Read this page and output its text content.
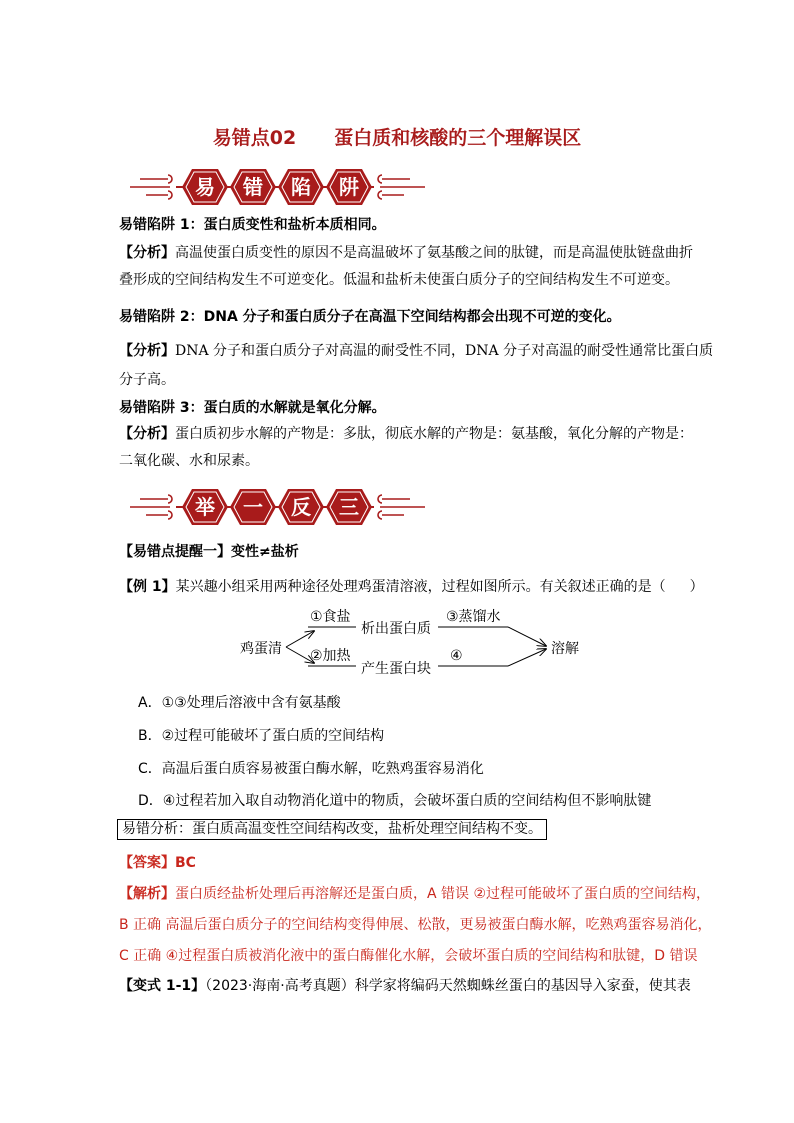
易错点02 蛋白质和核酸的三个理解误区
易 错 陷 阱
易错陷阱 1：蛋白质变性和盐析本质相同。
【分析】高温使蛋白质变性的原因不是高温破坏了氨基酸之间的肽键，而是高温使肽链盘曲折
叠形成的空间结构发生不可逆变化。低温和盐析未使蛋白质分子的空间结构发生不可逆变。
易错陷阱 2：DNA 分子和蛋白质分子在高温下空间结构都会出现不可逆的变化。
【分析】DNA 分子和蛋白质分子对高温的耐受性不同，DNA 分子对高温的耐受性通常比蛋白质
分子高。
易错陷阱 3：蛋白质的水解就是氧化分解。
【分析】蛋白质初步水解的产物是：多肽，彻底水解的产物是：氨基酸，氧化分解的产物是：
二氧化碳、水和尿素。
举 一 反 三
【易错点提醒一】变性≠盐析
【例 1】某兴趣小组采用两种途径处理鸡蛋清溶液，过程如图所示。有关叙述正确的是（ ）
鸡蛋清
①食盐
析出蛋白质
③蒸馏水
②加热
产生蛋白块
④	溶解
A．①③处理后溶液中含有氨基酸
B．②过程可能破坏了蛋白质的空间结构
C．高温后蛋白质容易被蛋白酶水解，吃熟鸡蛋容易消化
D．④过程若加入取自动物消化道中的物质，会破坏蛋白质的空间结构但不影响肽键
易错分析：蛋白质高温变性空间结构改变，盐析处理空间结构不变。
【答案】BC
【解析】蛋白质经盐析处理后再溶解还是蛋白质，A 错误 ②过程可能破坏了蛋白质的空间结构，
B 正确 高温后蛋白质分子的空间结构变得伸展、松散，更易被蛋白酶水解，吃熟鸡蛋容易消化，
C 正确 ④过程蛋白质被消化液中的蛋白酶催化水解，会破坏蛋白质的空间结构和肽键，D 错误
【变式 1-1】（2023·海南·高考真题）科学家将编码天然蜘蛛丝蛋白的基因导入家蚕，使其表
